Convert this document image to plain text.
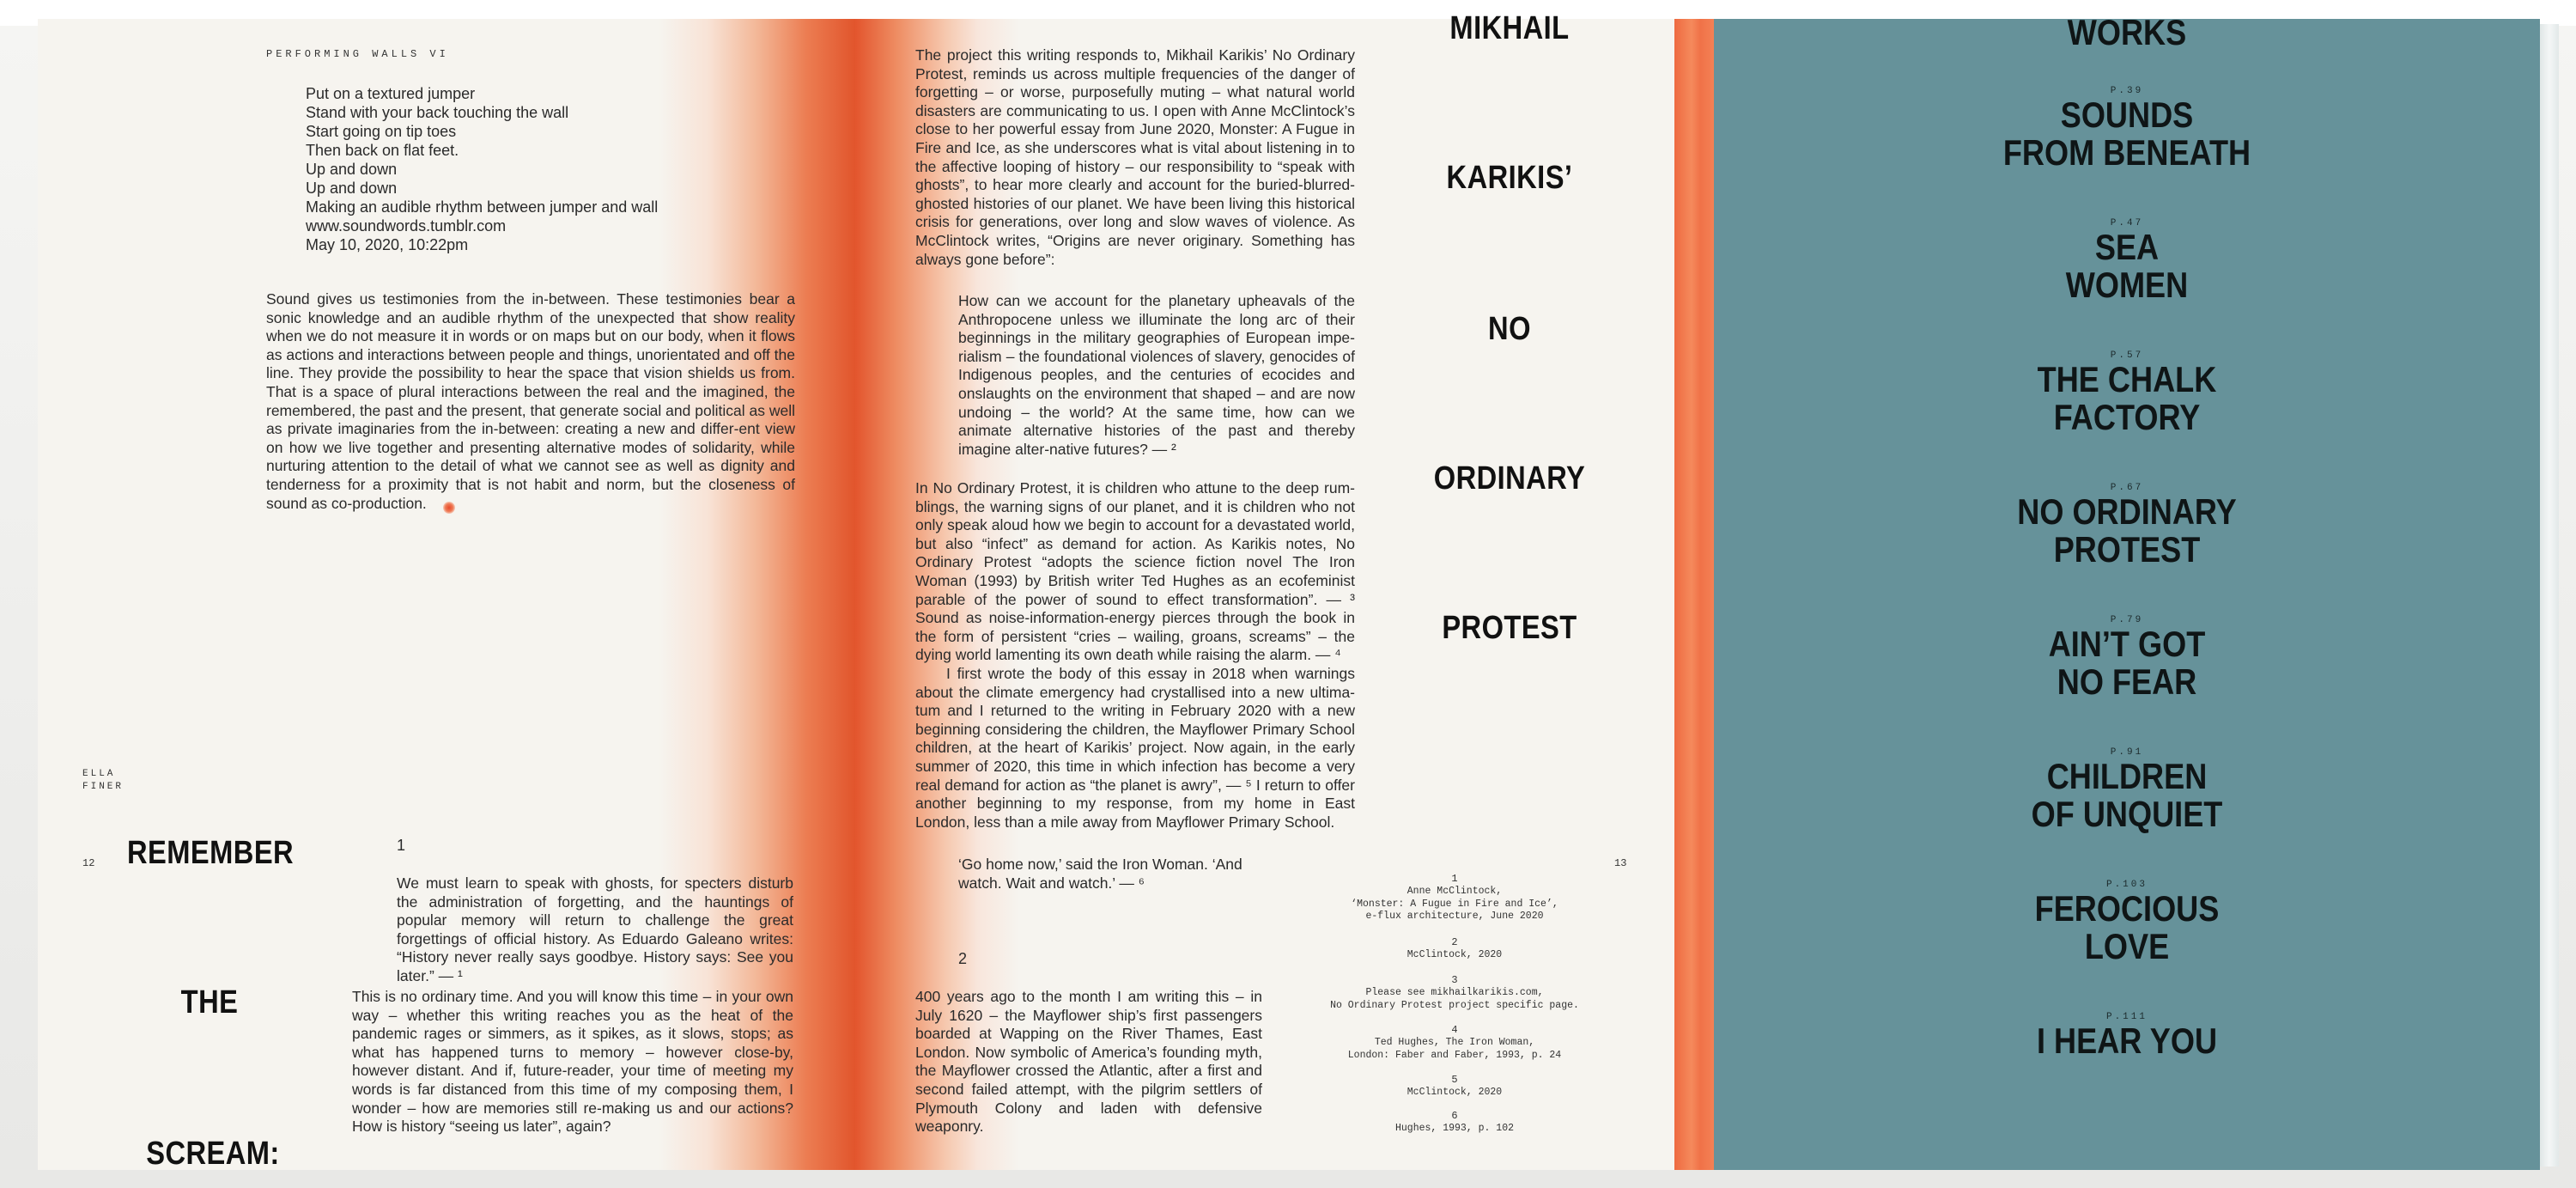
PERFORMING WALLS VI
Put on a textured jumper
Stand with your back touching the wall
Start going on tip toes
Then back on flat feet.
Up and down
Up and down
Making an audible rhythm between jumper and wall
www.soundwords.tumblr.com
May 10, 2020, 10:22pm

Sound gives us testimonies from the in-between. These testimonies bear a sonic knowledge and an audible rhythm of the unexpected that show reality when we do not measure it in words or on maps but on our body, when it flows as actions and interactions between people and things, unorientated and off the line. They provide the possibility to hear the space that vision shields us from. That is a space of plural interactions between the real and the imagined, the remembered, the past and the present, that generate social and political as well as private imaginaries from the in-between: creating a new and differ-ent view on how we live together and presenting alternative modes of solidarity, while nurturing attention to the detail of what we cannot see as well as dignity and tenderness for a proximity that is not habit and norm, but the closeness of sound as co-production.

ELLA
FINER
12 REMEMBER
THE
SCREAM:
1

We must learn to speak with ghosts, for specters disturb the administration of forgetting, and the hauntings of popular memory will return to challenge the great forgettings of official history. As Eduardo Galeano writes: “History never really says goodbye. History says: See you later.” — ¹

This is no ordinary time. And you will know this time – in your own way – whether this writing reaches you as the heat of the pandemic rages or simmers, as it spikes, as it slows, stops; as what has happened turns to memory – however close-by, however distant. And if, future-reader, your time of meeting my words is far distanced from this time of my composing them, I wonder – how are memories still re-making us and our actions? How is history “seeing us later”, again?

The project this writing responds to, Mikhail Karikis’ No Ordinary Protest, reminds us across multiple frequencies of the danger of forgetting – or worse, purposefully muting – what natural world disasters are communicating to us. I open with Anne McClintock’s close to her powerful essay from June 2020, Monster: A Fugue in Fire and Ice, as she underscores what is vital about listening in to the affective looping of history – our responsibility to “speak with ghosts”, to hear more clearly and account for the buried-blurred-ghosted histories of our planet. We have been living this historical crisis for generations, over long and slow waves of violence. As McClintock writes, “Origins are never originary. Something has always gone before”:

How can we account for the planetary upheavals of the Anthropocene unless we illuminate the long arc of their beginnings in the military geographies of European impe-rialism – the foundational violences of slavery, genocides of Indigenous peoples, and the centuries of ecocides and onslaughts on the environment that shaped – and are now undoing – the world? At the same time, how can we animate alternative histories of the past and thereby imagine alter-native futures? — ²

In No Ordinary Protest, it is children who attune to the deep rum-blings, the warning signs of our planet, and it is children who not only speak aloud how we begin to account for a devastated world, but also “infect” as demand for action. As Karikis notes, No Ordinary Protest “adopts the science fiction novel The Iron Woman (1993) by British writer Ted Hughes as an ecofeminist parable of the power of sound to effect transformation”. — ³ Sound as noise-information-energy pierces through the book in the form of persistent “cries – wailing, groans, screams” – the dying world lamenting its own death while raising the alarm. — ⁴

I first wrote the body of this essay in 2018 when warnings about the climate emergency had crystallised into a new ultima-tum and I returned to the writing in February 2020 with a new beginning considering the children, the Mayflower Primary School children, at the heart of Karikis’ project. Now again, in the early summer of 2020, this time in which infection has become a very real demand for action as “the planet is awry”, — ⁵ I return to offer another beginning to my response, from my home in East London, less than a mile away from Mayflower Primary School.

‘Go home now,’ said the Iron Woman. ‘And watch. Wait and watch.’ — ⁶

2

400 years ago to the month I am writing this – in July 1620 – the Mayflower ship’s first passengers boarded at Wapping on the River Thames, East London. Now symbolic of America’s founding myth, the Mayflower crossed the Atlantic, after a first and second failed attempt, with the pilgrim settlers of Plymouth Colony and laden with defensive weaponry.

MIKHAIL
KARIKIS’
NO
ORDINARY
PROTEST
13
1
Anne McClintock,
‘Monster: A Fugue in Fire and Ice’,
e-flux architecture, June 2020
2
McClintock, 2020
3
Please see mikhailkarikis.com,
No Ordinary Protest project specific page.
4
Ted Hughes, The Iron Woman,
London: Faber and Faber, 1993, p. 24
5
McClintock, 2020
6
Hughes, 1993, p. 102
WORKS
P.39
SOUNDS
FROM BENEATH
P.47
SEA
WOMEN
P.57
THE CHALK
FACTORY
P.67
NO ORDINARY
PROTEST
P.79
AIN’T GOT
NO FEAR
P.91
CHILDREN
OF UNQUIET
P.103
FEROCIOUS
LOVE
P.111
I HEAR YOU
